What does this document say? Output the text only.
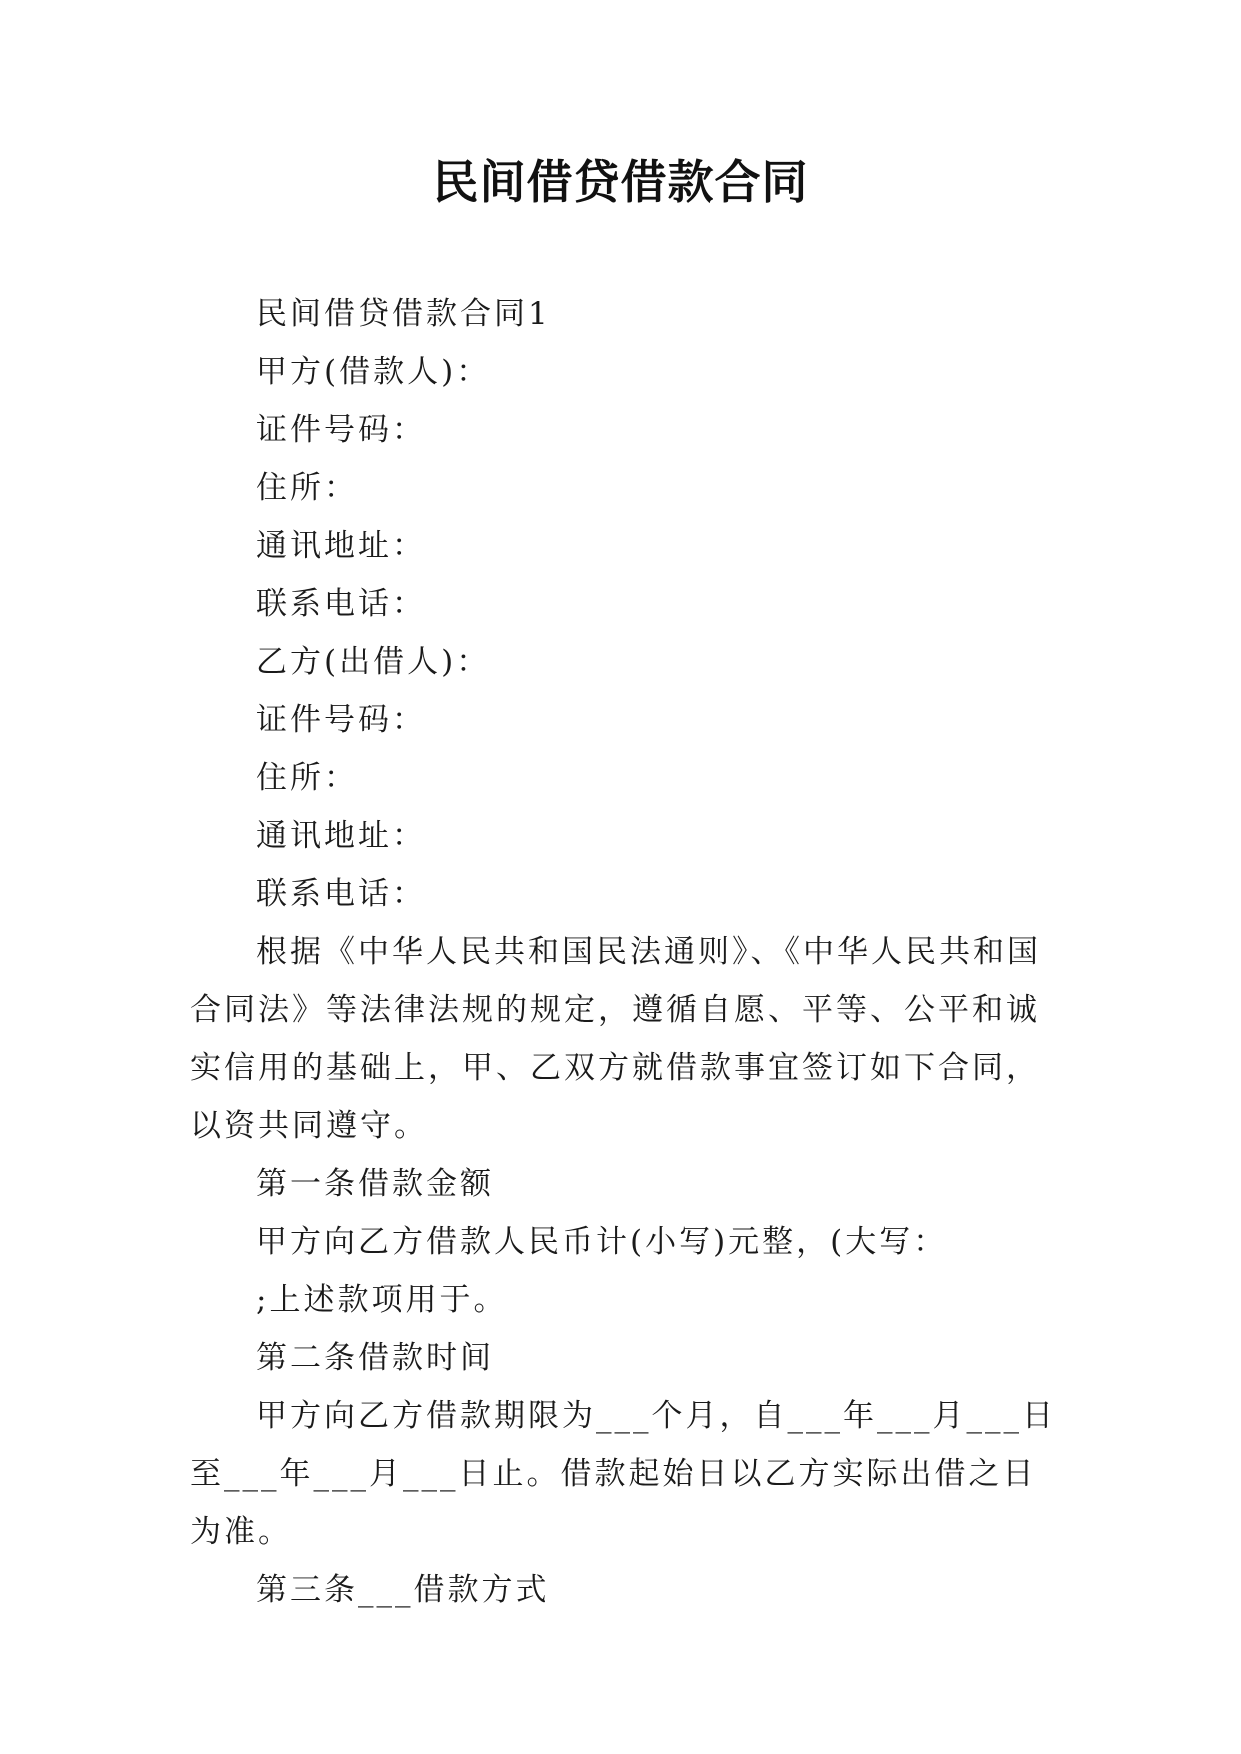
民间借贷借款合同

民间借贷借款合同1

甲方(借款人)：

证件号码：

住所：

通讯地址：

联系电话：

乙方(出借人)：

证件号码：

住所：

通讯地址：

联系电话：

根据《中华人民共和国民法通则》、《中华人民共和国合同法》等法律法规的规定，遵循自愿、平等、公平和诚实信用的基础上，甲、乙双方就借款事宜签订如下合同，以资共同遵守。

第一条借款金额

甲方向乙方借款人民币计(小写)元整，(大写：

;上述款项用于。

第二条借款时间

甲方向乙方借款期限为___个月，自___年___月___日至___年___月___日止。借款起始日以乙方实际出借之日为准。

第三条___借款方式
